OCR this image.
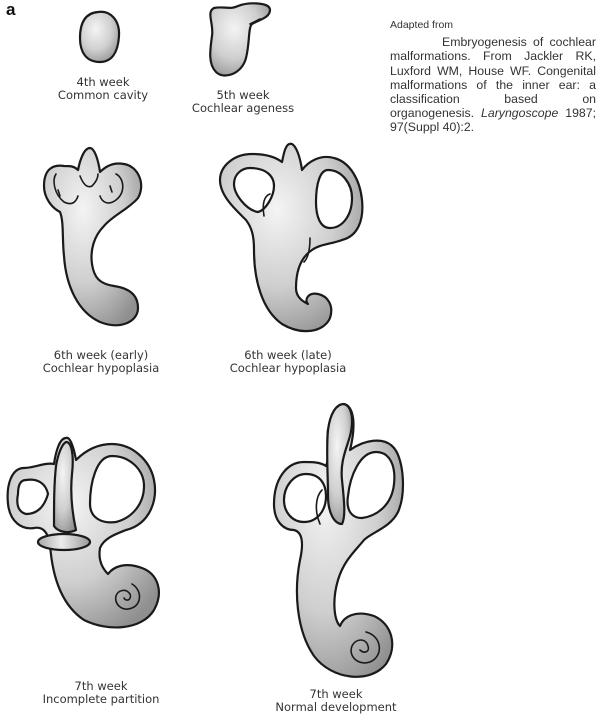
a
Adapted from
Embryogenesis of cochlear malformations. From Jackler RK, Luxford WM, House WF. Congenital malformations of the inner ear: a classification based on organogenesis. Laryngoscope 1987; 97(Suppl 40):2.
4th week
Common cavity	5th week
Cochlear ageness
6th week (early)
Cochlear hypoplasia
6th week (late)
Cochlear hypoplasia
7th week
Incomplete partition	7th week
Normal development
